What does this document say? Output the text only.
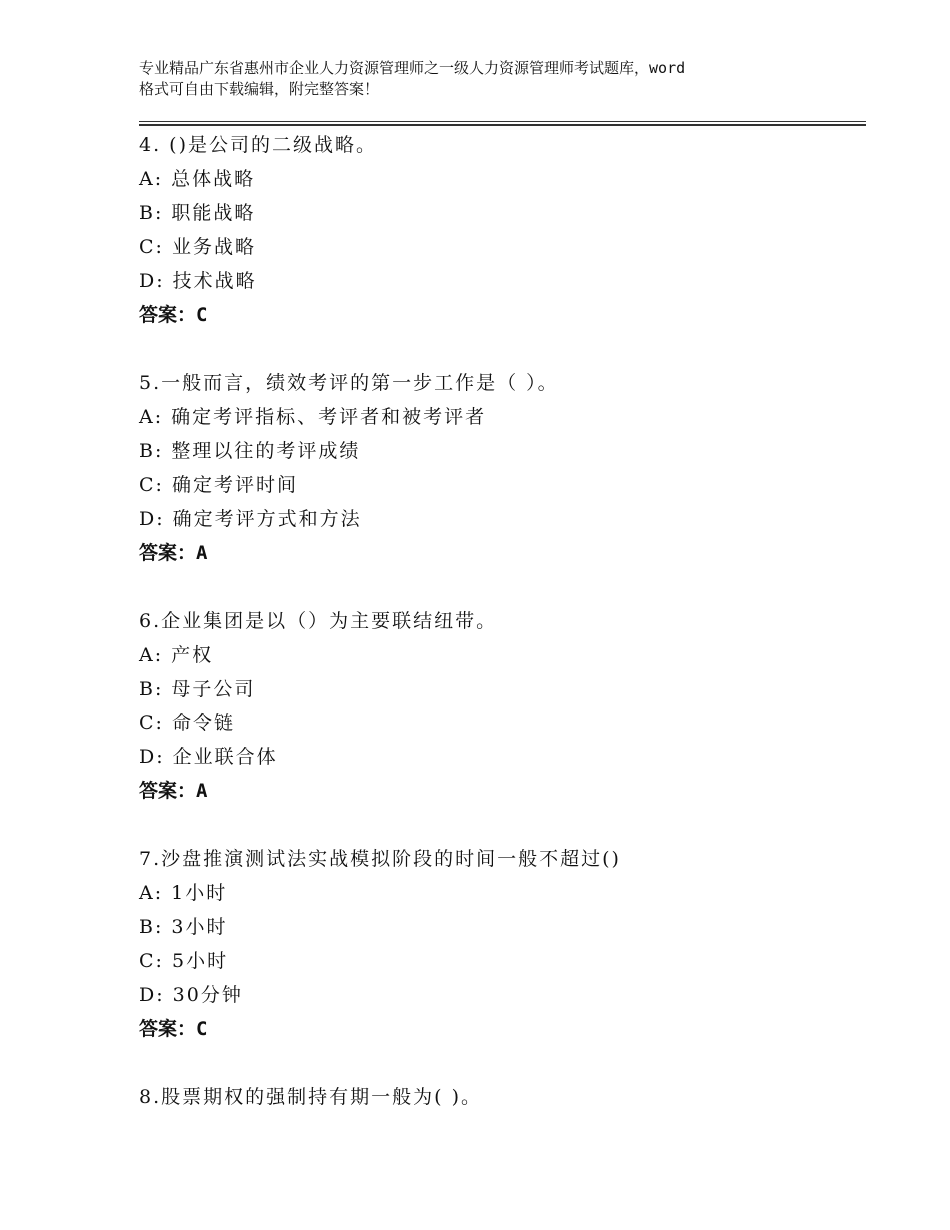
专业精品广东省惠州市企业人力资源管理师之一级人力资源管理师考试题库，word
格式可自由下载编辑，附完整答案！
4. ()是公司的二级战略。
A: 总体战略
B: 职能战略
C: 业务战略
D: 技术战略
答案：C
5.一般而言，绩效考评的第一步工作是（ ）。
A: 确定考评指标、考评者和被考评者
B: 整理以往的考评成绩
C: 确定考评时间
D: 确定考评方式和方法
答案：A
6.企业集团是以（）为主要联结纽带。
A: 产权
B: 母子公司
C: 命令链
D: 企业联合体
答案：A
7.沙盘推演测试法实战模拟阶段的时间一般不超过()
A: 1小时
B: 3小时
C: 5小时
D: 30分钟
答案：C
8.股票期权的强制持有期一般为( )。
